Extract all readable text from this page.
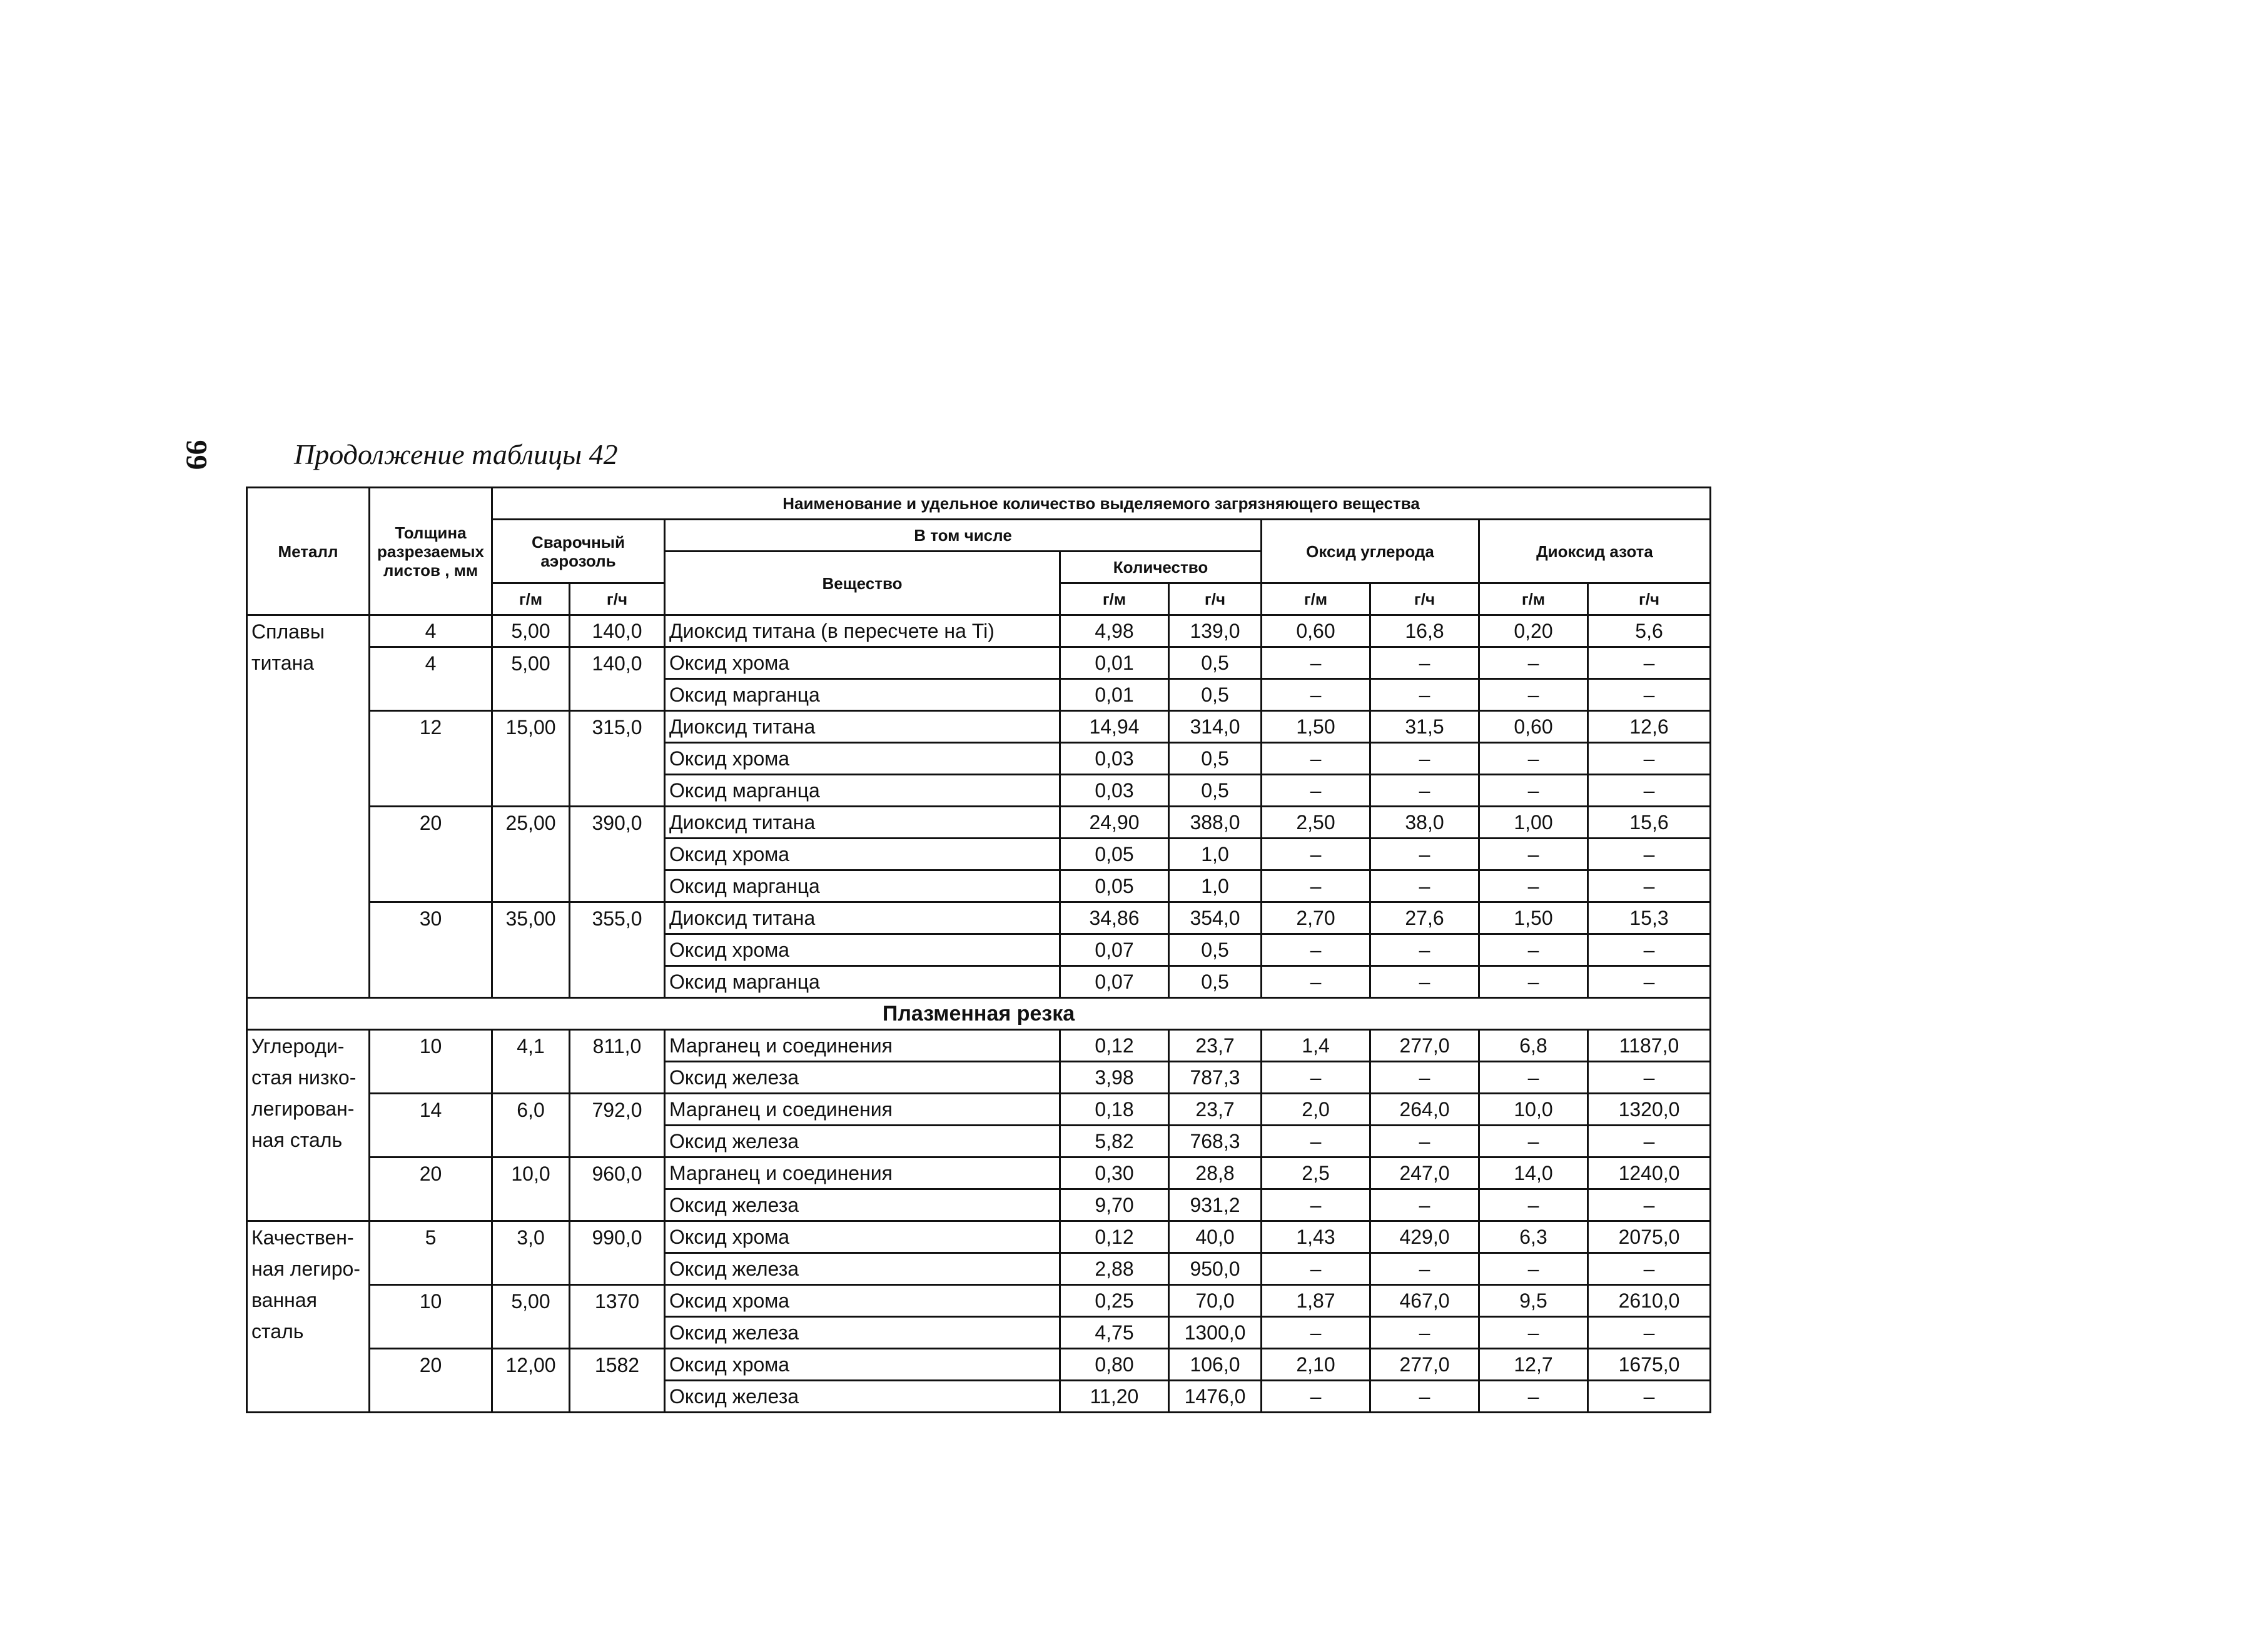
99	Продолжение таблицы 42
Металл	Толщина разрезаемых листов , мм	Наименование и удельное количество выделяемого загрязняющего вещества								
		Сварочный аэрозоль		В том числе			Оксид углерода		Диоксид азота	
				Вещество	Количество					
		г/м	г/ч		г/м	г/ч	г/м	г/ч	г/м	г/ч
Сплавы титана	4	5,00	140,0	Диоксид титана (в пересчете на Ti)	4,98	139,0	0,60	16,8	0,20	5,6
	4	5,00	140,0	Оксид хрома	0,01	0,5	–	–	–	–
				Оксид марганца	0,01	0,5	–	–	–	–
	12	15,00	315,0	Диоксид титана	14,94	314,0	1,50	31,5	0,60	12,6
				Оксид хрома	0,03	0,5	–	–	–	–
				Оксид марганца	0,03	0,5	–	–	–	–
	20	25,00	390,0	Диоксид титана	24,90	388,0	2,50	38,0	1,00	15,6
				Оксид хрома	0,05	1,0	–	–	–	–
				Оксид марганца	0,05	1,0	–	–	–	–
	30	35,00	355,0	Диоксид титана	34,86	354,0	2,70	27,6	1,50	15,3
				Оксид хрома	0,07	0,5	–	–	–	–
				Оксид марганца	0,07	0,5	–	–	–	–
Плазменная резка										
Углероди- стая низко- легирован- ная сталь	10	4,1	811,0	Марганец и соединения	0,12	23,7	1,4	277,0	6,8	1187,0
				Оксид железа	3,98	787,3	–	–	–	–
	14	6,0	792,0	Марганец и соединения	0,18	23,7	2,0	264,0	10,0	1320,0
				Оксид железа	5,82	768,3	–	–	–	–
	20	10,0	960,0	Марганец и соединения	0,30	28,8	2,5	247,0	14,0	1240,0
				Оксид железа	9,70	931,2	–	–	–	–
Качествен- ная легиро- ванная сталь	5	3,0	990,0	Оксид хрома	0,12	40,0	1,43	429,0	6,3	2075,0
				Оксид железа	2,88	950,0	–	–	–	–
	10	5,00	1370	Оксид хрома	0,25	70,0	1,87	467,0	9,5	2610,0
				Оксид железа	4,75	1300,0	–	–	–	–
	20	12,00	1582	Оксид хрома	0,80	106,0	2,10	277,0	12,7	1675,0
				Оксид железа	11,20	1476,0	–	–	–	–
